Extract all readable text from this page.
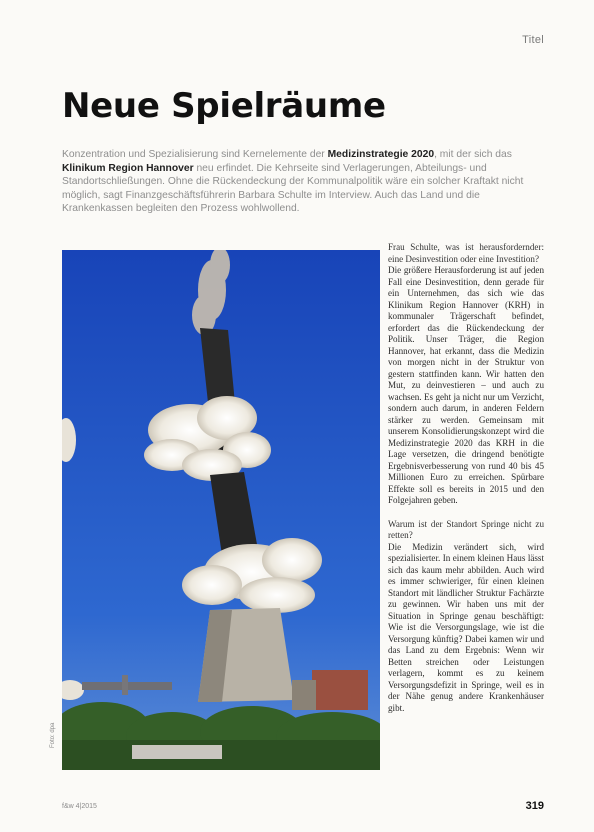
Titel
Neue Spielräume

Konzentration und Spezialisierung sind Kernelemente der Medizinstrategie 2020, mit der sich das Klinikum Region Hannover neu erfindet. Die Kehrseite sind Verlagerungen, Abteilungs- und Standortschließungen. Ohne die Rückendeckung der Kommunalpolitik wäre ein solcher Kraftakt nicht möglich, sagt Finanzgeschäftsführerin Barbara Schulte im Interview. Auch das Land und die Krankenkassen begleiten den Prozess wohlwollend.

Foto: dpa

Frau Schulte, was ist herausfordernder: eine Desinvestition oder eine Investition?

Die größere Herausforderung ist auf jeden Fall eine Desinvestition, denn gerade für ein Unternehmen, das sich wie das Klinikum Region Hannover (KRH) in kommunaler Trägerschaft befindet, erfordert das die Rückendeckung der Politik. Unser Träger, die Region Hannover, hat erkannt, dass die Medizin von morgen nicht in der Struktur von gestern stattfinden kann. Wir hatten den Mut, zu deinvestieren – und auch zu wachsen. Es geht ja nicht nur um Verzicht, sondern auch darum, in anderen Feldern stärker zu werden. Gemeinsam mit unserem Konsolidierungskonzept wird die Medizinstrategie 2020 das KRH in die Lage versetzen, die dringend benötigte Ergebnisverbesserung von rund 40 bis 45 Millionen Euro zu erreichen. Spürbare Effekte soll es bereits in 2015 und den Folgejahren geben.

Warum ist der Standort Springe nicht zu retten?

Die Medizin verändert sich, wird spezialisierter. In einem kleinen Haus lässt sich das kaum mehr abbilden. Auch wird es immer schwieriger, für einen kleinen Standort mit ländlicher Struktur Fachärzte zu gewinnen. Wir haben uns mit der Situation in Springe genau beschäftigt: Wie ist die Versorgungslage, wie ist die Versorgung künftig? Dabei kamen wir und das Land zu dem Ergebnis: Wenn wir Betten streichen oder Leistungen verlagern, kommt es zu keinem Versorgungsdefizit in Springe, weil es in der Nähe genug andere Krankenhäuser gibt.

f&w 4|2015	319
